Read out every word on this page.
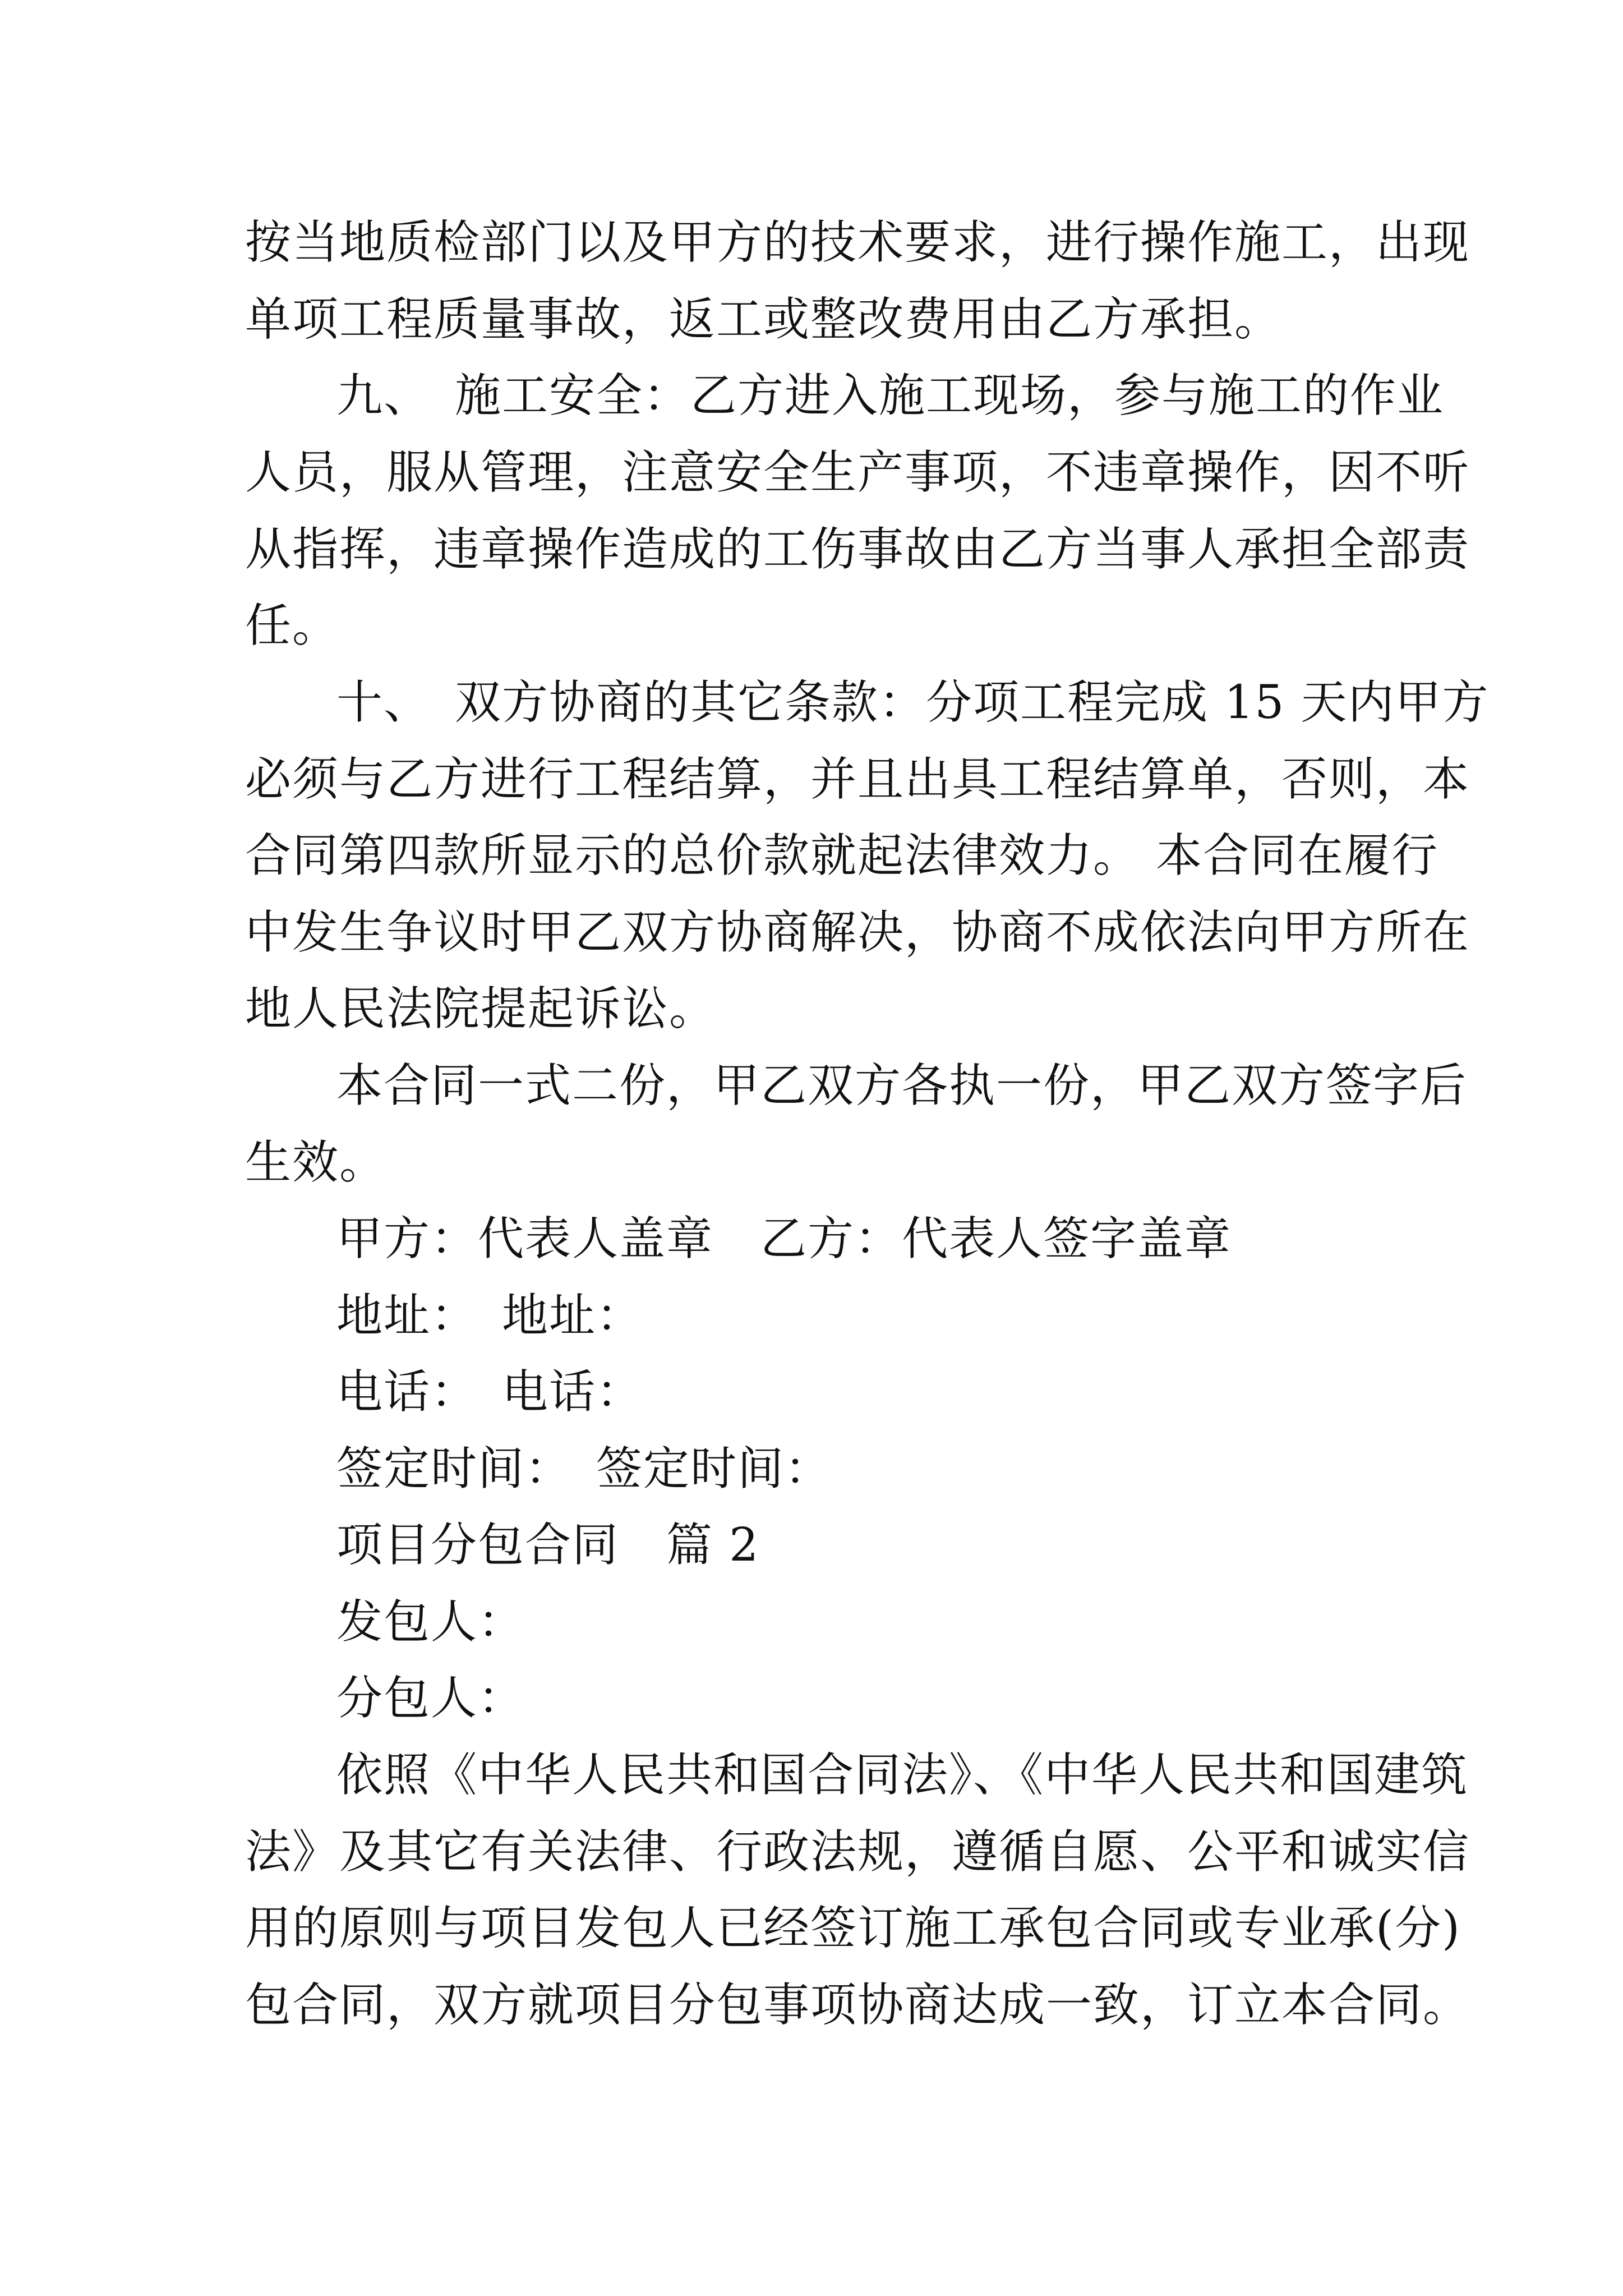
按当地质检部门以及甲方的技术要求，进行操作施工，出现
单项工程质量事故，返工或整改费用由乙方承担。
九、　施工安全：乙方进入施工现场，参与施工的作业
人员，服从管理，注意安全生产事项，不违章操作，因不听
从指挥，违章操作造成的工伤事故由乙方当事人承担全部责
任。
十、　双方协商的其它条款：分项工程完成 15 天内甲方
必须与乙方进行工程结算，并且出具工程结算单，否则，本
合同第四款所显示的总价款就起法律效力。 本合同在履行
中发生争议时甲乙双方协商解决，协商不成依法向甲方所在
地人民法院提起诉讼。
本合同一式二份，甲乙双方各执一份，甲乙双方签字后
生效。
甲方：代表人盖章　乙方：代表人签字盖章
地址：　地址：
电话：　电话：
签定时间：　签定时间：
项目分包合同　篇 2
发包人：
分包人：
依照《中华人民共和国合同法》、《中华人民共和国建筑
法》及其它有关法律、行政法规，遵循自愿、公平和诚实信
用的原则与项目发包人已经签订施工承包合同或专业承(分)
包合同，双方就项目分包事项协商达成一致，订立本合同。
